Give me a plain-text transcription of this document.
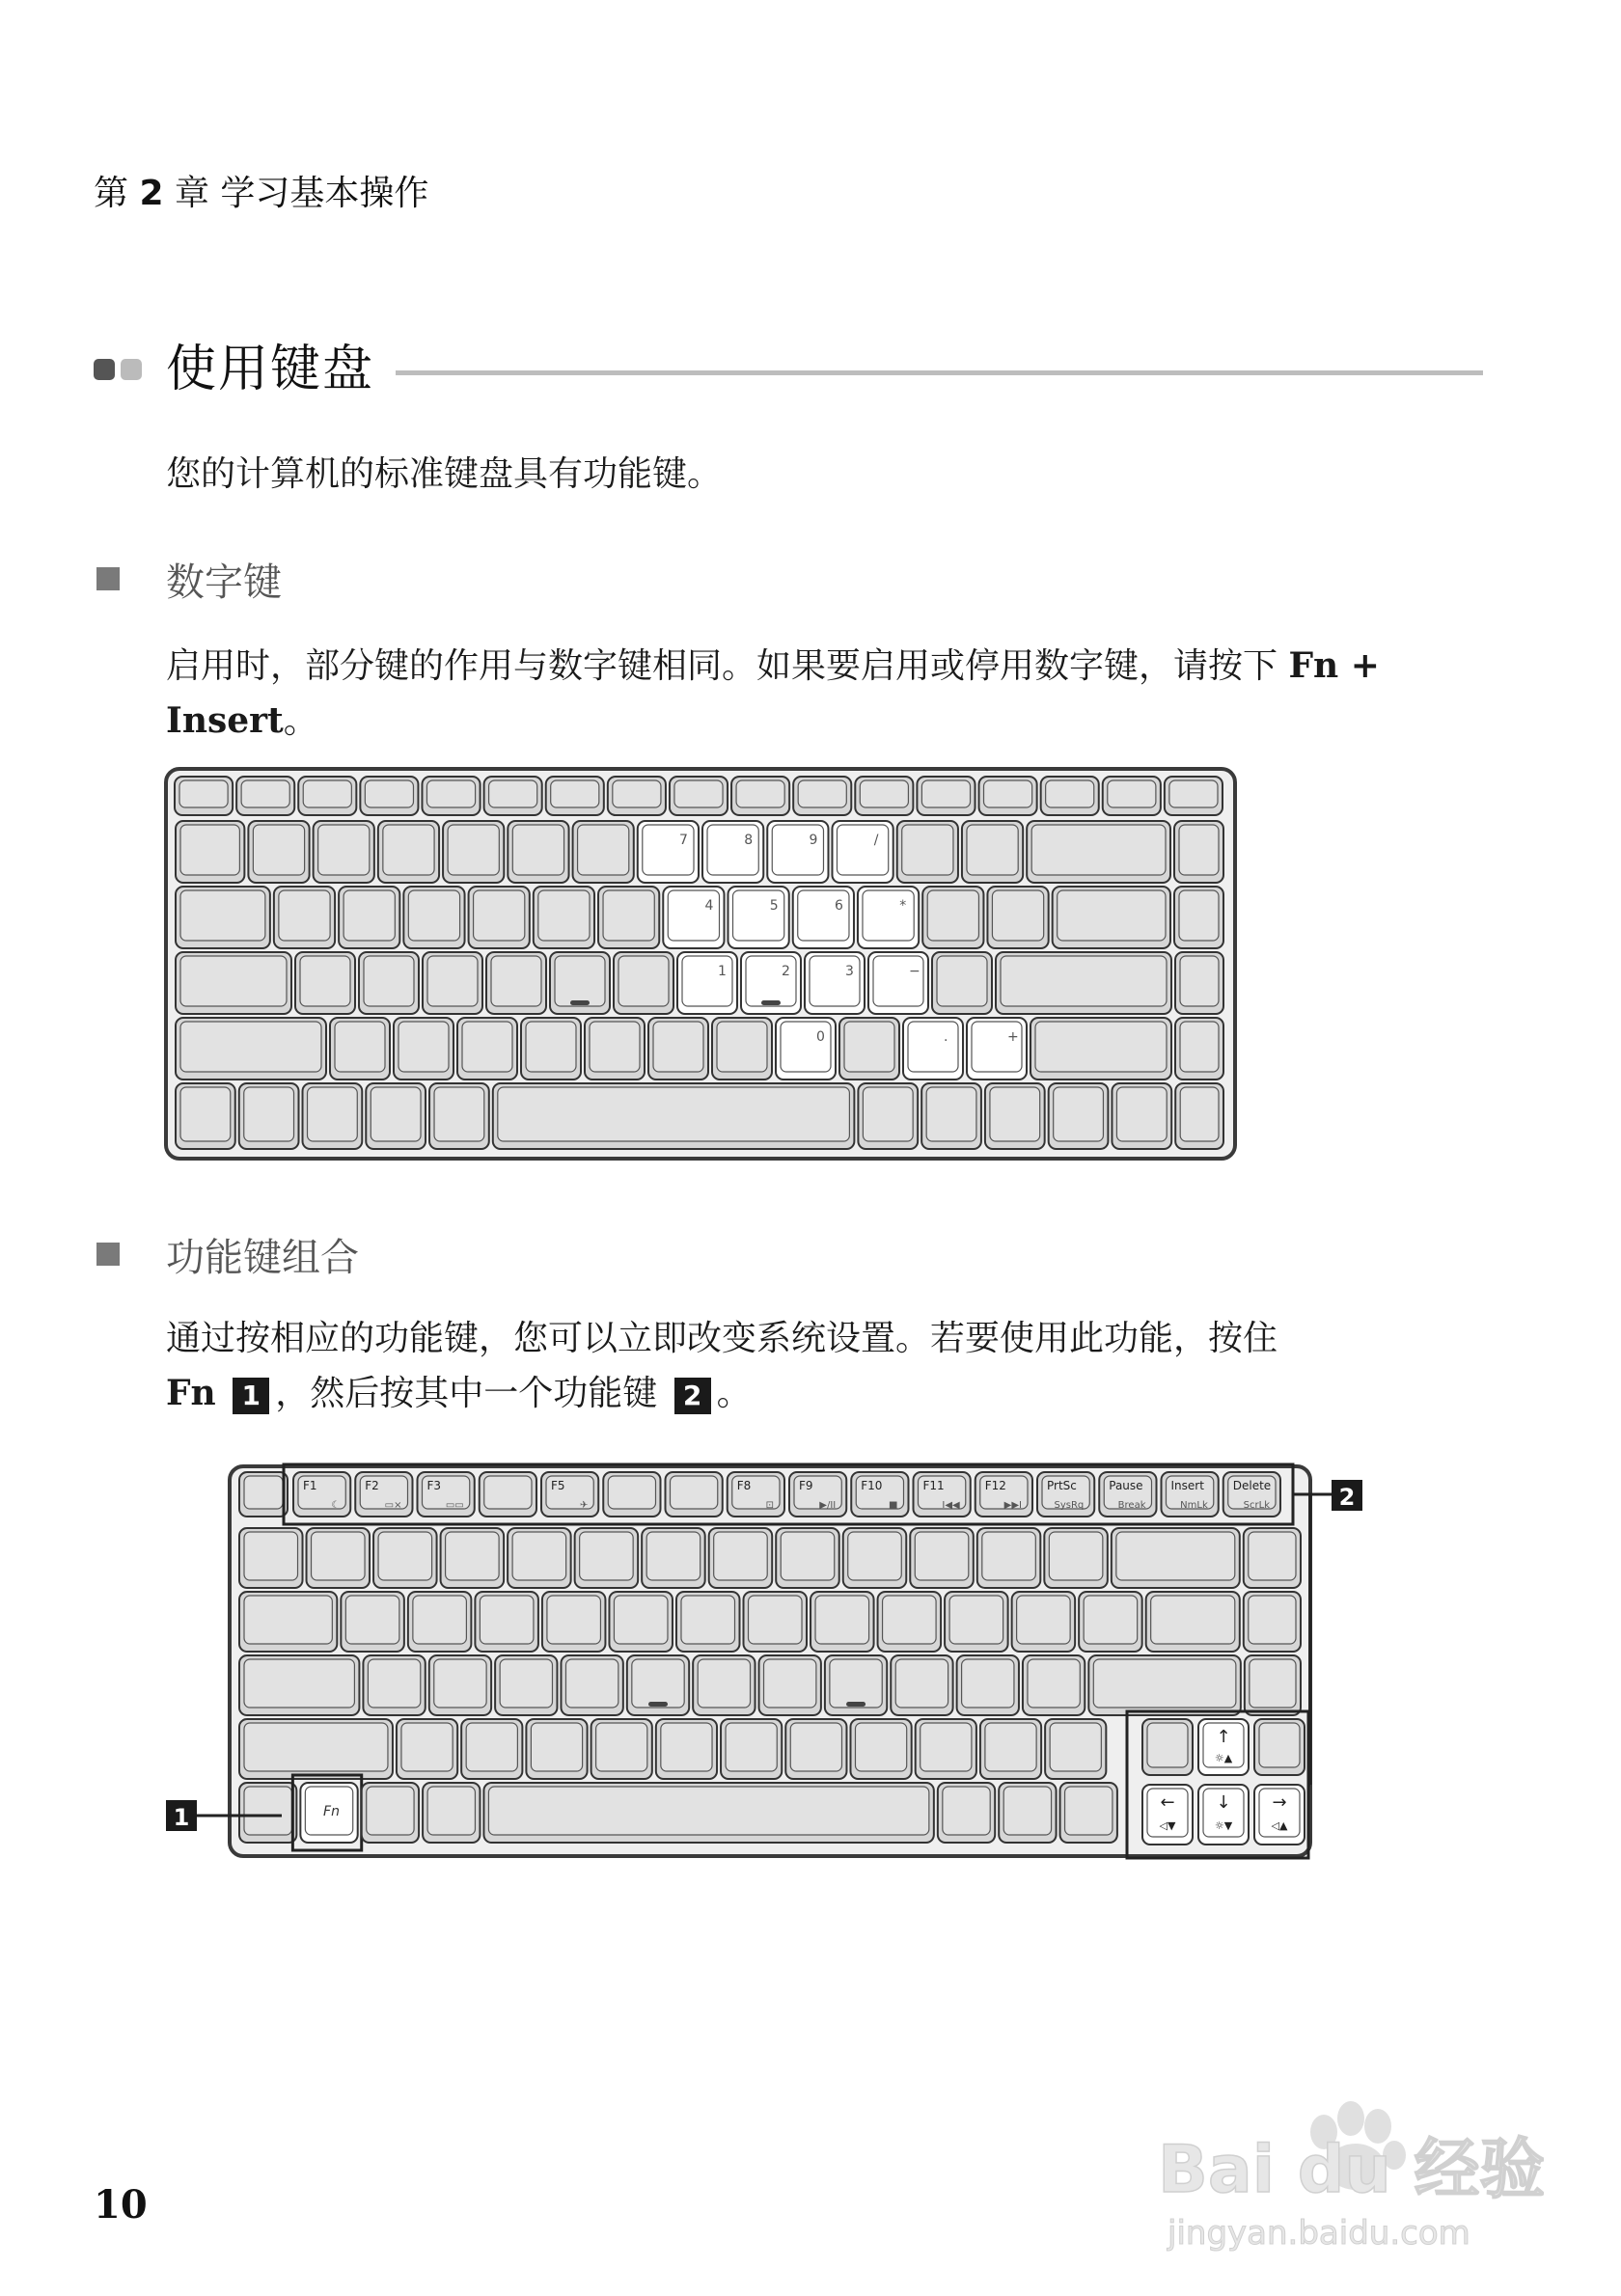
第 2 章 学习基本操作
使用键盘
您的计算机的标准键盘具有功能键。
数字键
启用时，部分键的作用与数字键相同。如果要启用或停用数字键，请按下 Fn +
Insert。
7	8	9	/
4	5	6	*
1	2	3	−
0	.	+
功能键组合
通过按相应的功能键，您可以立即改变系统设置。若要使用此功能，按住
Fn 1 ，然后按其中一个功能键 2 。
F1
☾
F2
▭×
F3
▭▭
F5
✈
F8
⊡
F9
▶/II
F10
■
F11
I◀◀
F12
▶▶I
PrtSc
SysRq
Pause
Break
Insert
NmLk
Delete
ScrLk
Fn
↑
☼▲
←
◁▼
↓
☼▼
→
◁▲
2
1
10	Bai du 经验
jingyan.baidu.com
